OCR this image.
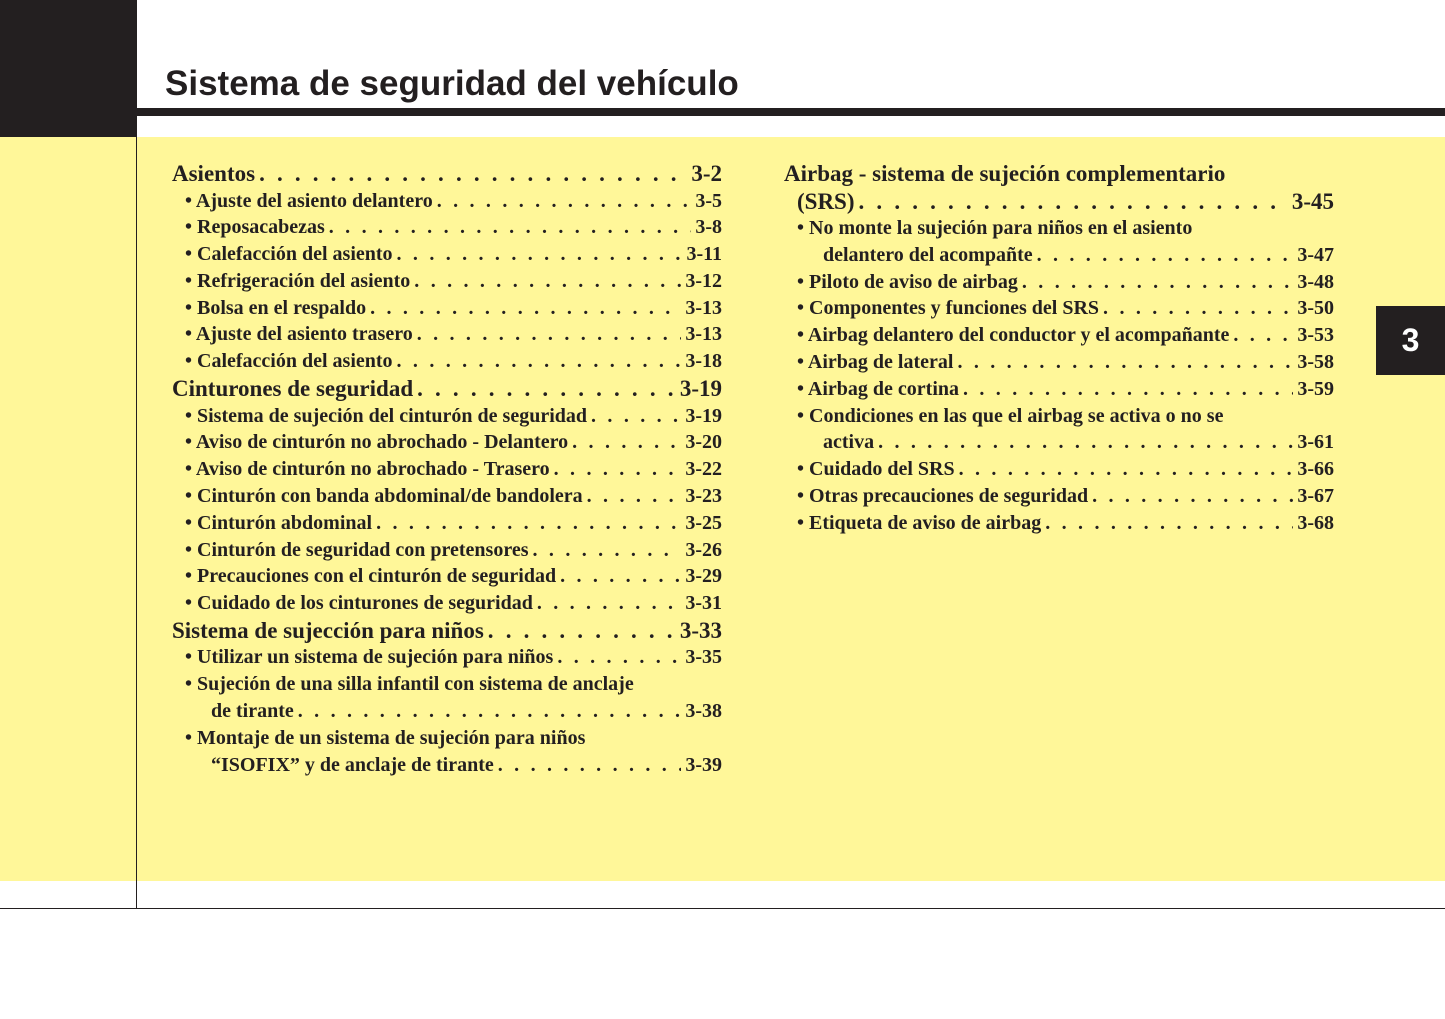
Sistema de seguridad del vehículo
3
Asientos . . .	3-2
• Ajuste del asiento delantero . . .	3-5
• Reposacabezas . . .	3-8
• Calefacción del asiento . . .	3-11
• Refrigeración del asiento . . .	3-12
• Bolsa en el respaldo . . .	3-13
• Ajuste del asiento trasero . . .	3-13
• Calefacción del asiento . . .	3-18
Cinturones de seguridad . . .	3-19
• Sistema de sujeción del cinturón de seguridad . . .	3-19
• Aviso de cinturón no abrochado - Delantero . . .	3-20
• Aviso de cinturón no abrochado - Trasero . . .	3-22
• Cinturón con banda abdominal/de bandolera . . .	3-23
• Cinturón abdominal . . .	3-25
• Cinturón de seguridad con pretensores . . .	3-26
• Precauciones con el cinturón de seguridad . . .	3-29
• Cuidado de los cinturones de seguridad . . .	3-31
Sistema de sujección para niños . . .	3-33
• Utilizar un sistema de sujeción para niños . . .	3-35
• Sujeción de una silla infantil con sistema de anclaje
de tirante . . .	3-38
• Montaje de un sistema de sujeción para niños
“ISOFIX” y de anclaje de tirante . . .	3-39
Airbag - sistema de sujeción complementario
(SRS) . . .	3-45
• No monte la sujeción para niños en el asiento
delantero del acompañte . . .	3-47
• Piloto de aviso de airbag . . .	3-48
• Componentes y funciones del SRS . . .	3-50
• Airbag delantero del conductor y el acompañante . . .	3-53
• Airbag de lateral . . .	3-58
• Airbag de cortina . . .	3-59
• Condiciones en las que el airbag se activa o no se
activa . . .	3-61
• Cuidado del SRS . . .	3-66
• Otras precauciones de seguridad . . .	3-67
• Etiqueta de aviso de airbag . . .	3-68
